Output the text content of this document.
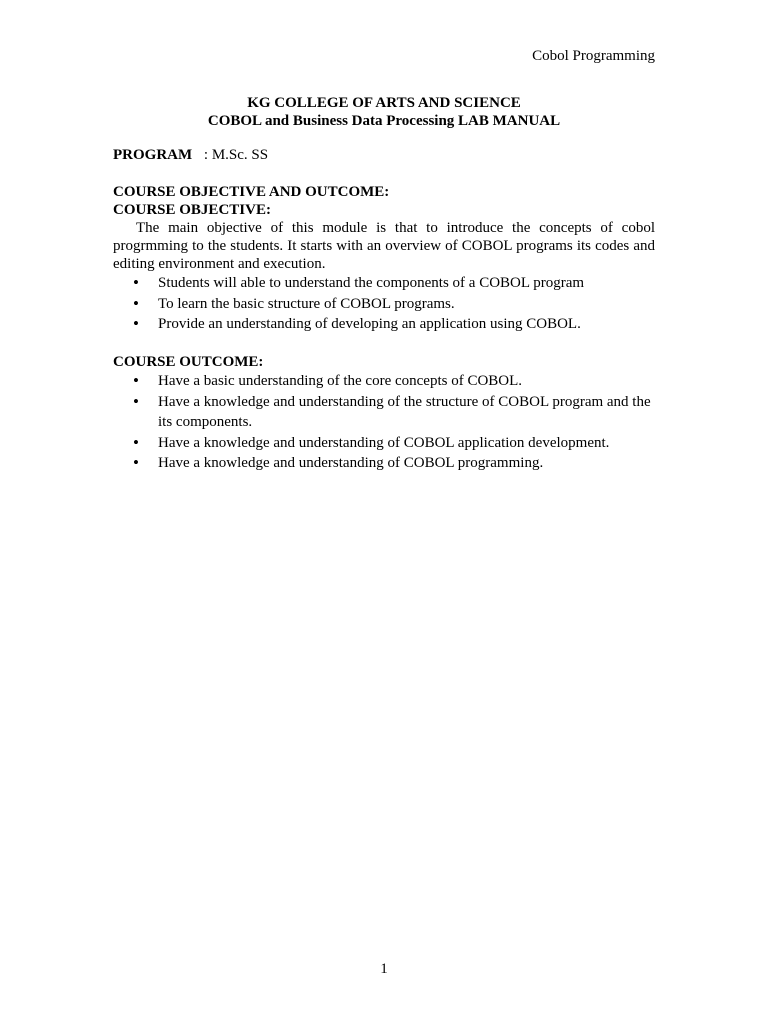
Cobol Programming
KG COLLEGE OF ARTS AND SCIENCE
COBOL and Business Data Processing LAB MANUAL
PROGRAM : M.Sc. SS

COURSE OBJECTIVE AND OUTCOME:

COURSE OBJECTIVE:

The main objective of this module is that to introduce the concepts of cobol progrmming to the students. It starts with an overview of COBOL programs its codes and editing environment and execution.

• Students will able to understand the components of a COBOL program
• To learn the basic structure of COBOL programs.
• Provide an understanding of developing an application using COBOL.

COURSE OUTCOME:

• Have a basic understanding of the core concepts of COBOL.
• Have a knowledge and understanding of the structure of COBOL program and the its components.
• Have a knowledge and understanding of COBOL application development.
• Have a knowledge and understanding of COBOL programming.
1
